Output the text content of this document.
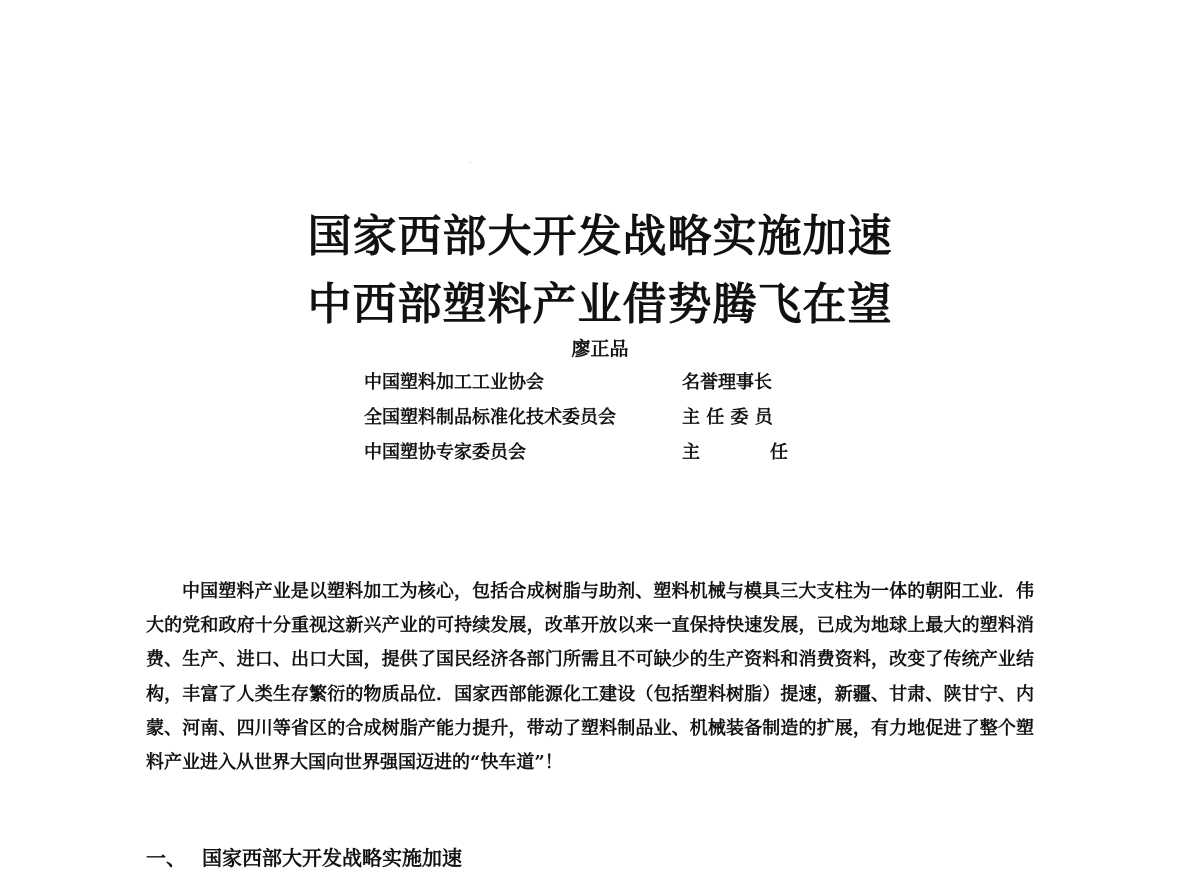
国家西部大开发战略实施加速
中西部塑料产业借势腾飞在望
廖正品
中国塑料加工工业协会	名誉理事长
全国塑料制品标准化技术委员会	主 任 委 员
中国塑协专家委员会	主	任
中国塑料产业是以塑料加工为核心，包括合成树脂与助剂、塑料机械与模具三大支柱为一体的朝阳工业．伟大的党和政府十分重视这新兴产业的可持续发展，改革开放以来一直保持快速发展，已成为地球上最大的塑料消费、生产、进口、出口大国，提供了国民经济各部门所需且不可缺少的生产资料和消费资料，改变了传统产业结构，丰富了人类生存繁衍的物质品位．国家西部能源化工建设（包括塑料树脂）提速，新疆、甘肃、陕甘宁、内蒙、河南、四川等省区的合成树脂产能力提升，带动了塑料制品业、机械装备制造的扩展，有力地促进了整个塑料产业进入从世界大国向世界强国迈进的“快车道”！
一、 国家西部大开发战略实施加速
